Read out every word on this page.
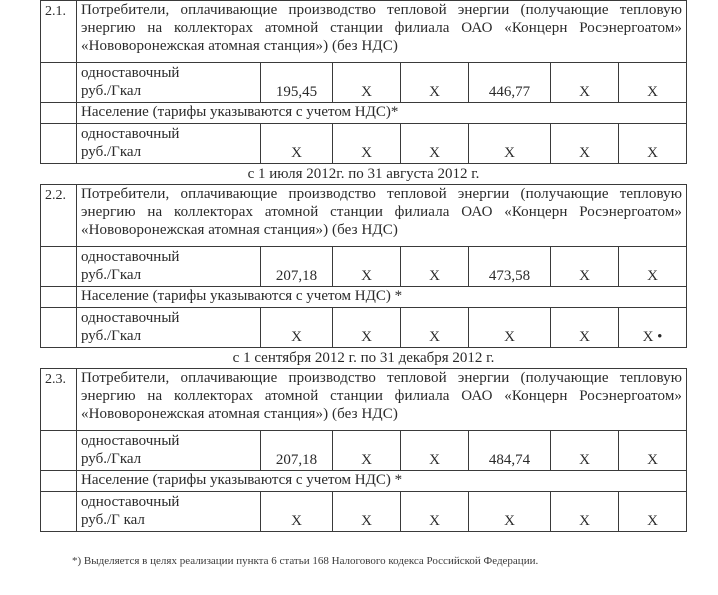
2.1.	Потребители, оплачивающие производство тепловой энергии (получающие тепловую энергию на коллекторах атомной станции филиала ОАО «Концерн Росэнергоатом» «Нововоронежская атомная станция») (без НДС)						
	одноставочный
руб./Гкал	195,45	Х	Х	446,77	Х	Х
	Население (тарифы указываются с учетом НДС)*						
	одноставочный
руб./Гкал	Х	Х	Х	Х	Х	Х
с 1 июля 2012г. по 31 августа 2012 г.							
2.2.	Потребители, оплачивающие производство тепловой энергии (получающие тепловую энергию на коллекторах атомной станции филиала ОАО «Концерн Росэнергоатом» «Нововоронежская атомная станция») (без НДС)						
	одноставочный
руб./Гкал	207,18	Х	Х	473,58	Х	Х
	Население (тарифы указываются с учетом НДС) *						
	одноставочный
руб./Гкал	Х	Х	Х	Х	Х	Х •
с 1 сентября 2012 г. по 31 декабря 2012 г.							
2.3.	Потребители, оплачивающие производство тепловой энергии (получающие тепловую энергию на коллекторах атомной станции филиала ОАО «Концерн Росэнергоатом» «Нововоронежская атомная станция») (без НДС)						
	одноставочный
руб./Гкал	207,18	Х	Х	484,74	Х	Х
	Население (тарифы указываются с учетом НДС) *						
	одноставочный
руб./Г кал	Х	Х	Х	Х	Х	Х
*) Выделяется в целях реализации пункта 6 статьи 168 Налогового кодекса Российской Федерации.
